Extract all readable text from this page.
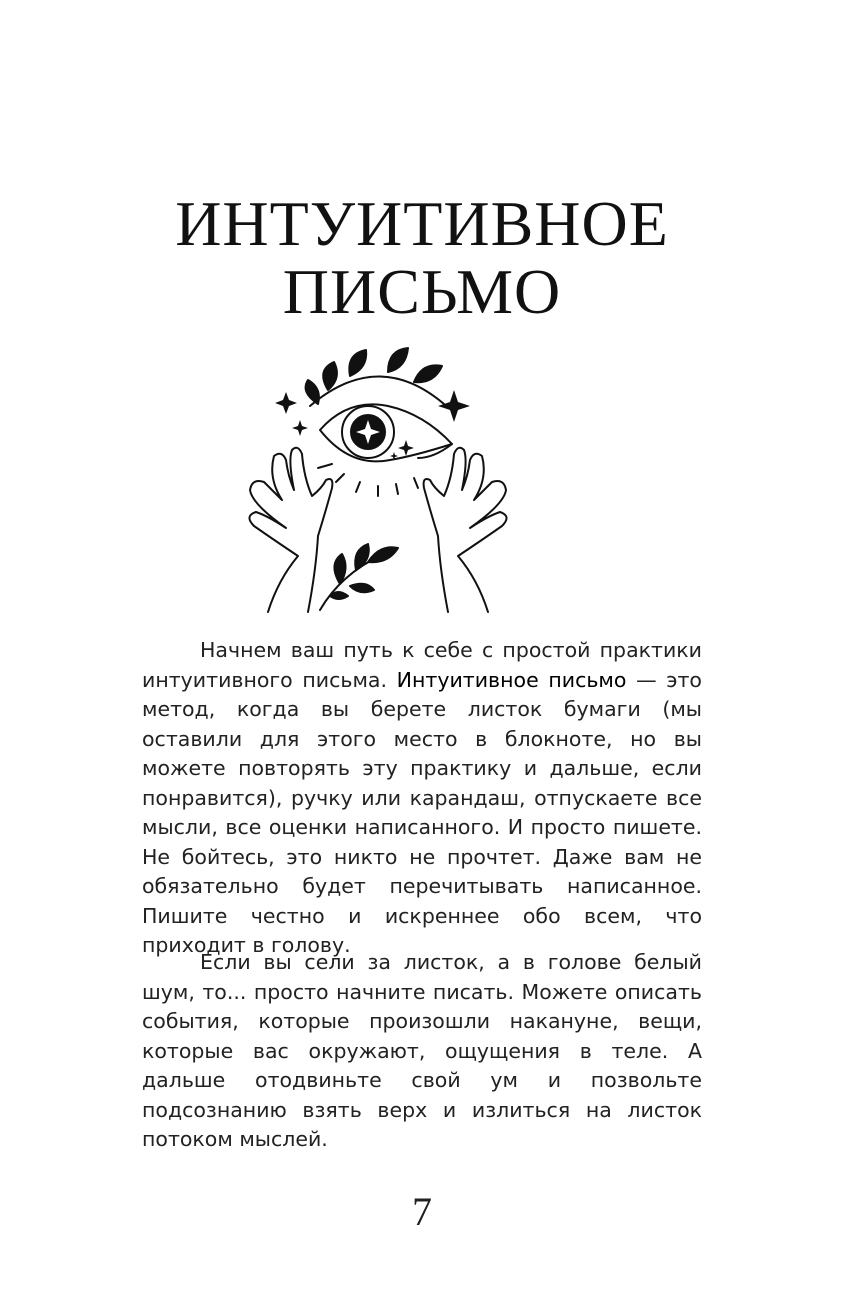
ИНТУИТИВНОЕ
ПИСЬМО

Начнем ваш путь к себе с простой практики интуитивного письма. Интуитивное письмо — это метод, когда вы берете листок бумаги (мы оставили для этого место в блокноте, но вы можете повторять эту практику и дальше, если понравится), ручку или карандаш, отпускаете все мысли, все оценки написанного. И просто пишете. Не бойтесь, это никто не прочтет. Даже вам не обязательно будет перечитывать написанное. Пишите честно и искреннее обо всем, что приходит в голову.

Если вы сели за листок, а в голове белый шум, то... просто начните писать. Можете описать события, которые произошли накануне, вещи, которые вас окружают, ощущения в теле. А дальше отодвиньте свой ум и позвольте подсознанию взять верх и излиться на листок потоком мыслей.

7
